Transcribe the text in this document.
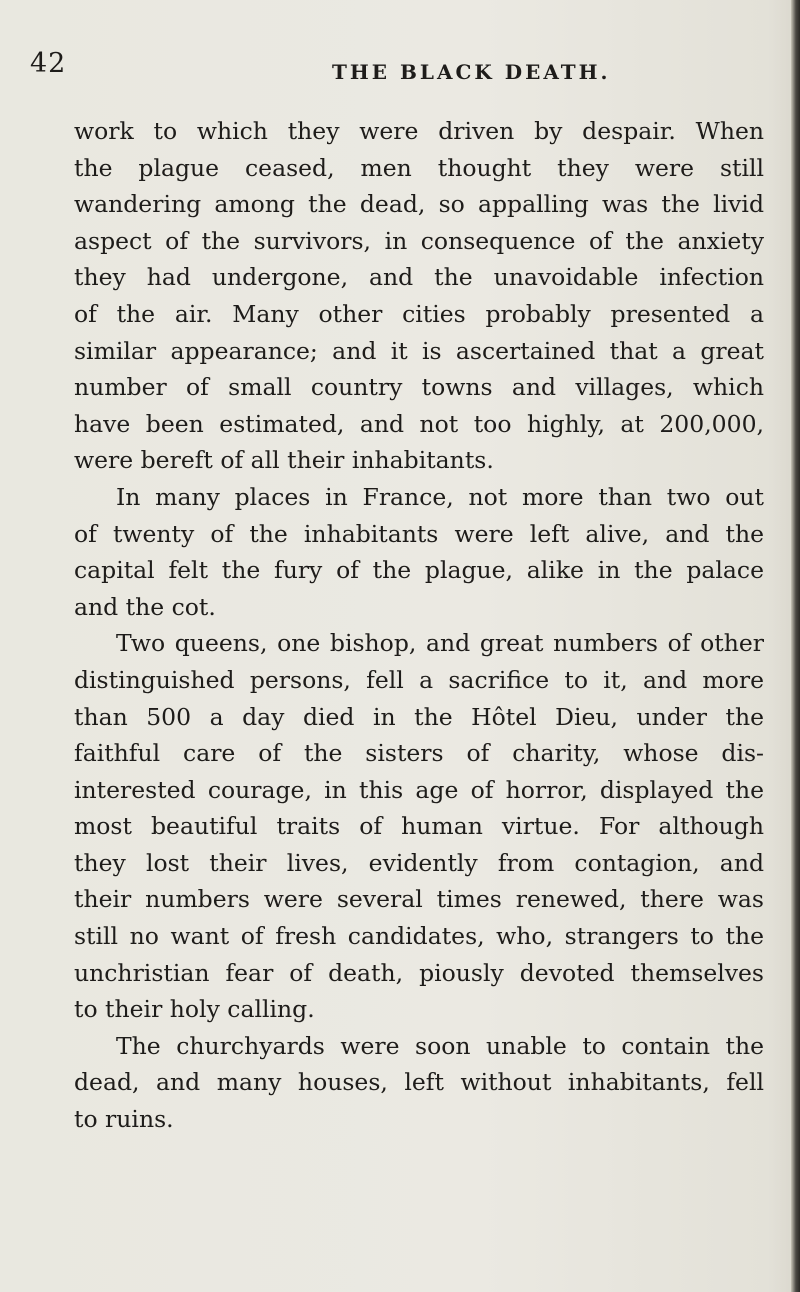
42	THE BLACK DEATH.

work to which they were driven by despair. When
the plague ceased, men thought they were still
wandering among the dead, so appalling was the livid
aspect of the survivors, in consequence of the anxiety
they had undergone, and the unavoidable infection
of the air. Many other cities probably presented a
similar appearance; and it is ascertained that a great
number of small country towns and villages, which
have been estimated, and not too highly, at 200,000,
were bereft of all their inhabitants.

In many places in France, not more than two out
of twenty of the inhabitants were left alive, and the
capital felt the fury of the plague, alike in the palace
and the cot.

Two queens, one bishop, and great numbers of other
distinguished persons, fell a sacrifice to it, and more
than 500 a day died in the Hôtel Dieu, under the
faithful care of the sisters of charity, whose dis-
interested courage, in this age of horror, displayed the
most beautiful traits of human virtue. For although
they lost their lives, evidently from contagion, and
their numbers were several times renewed, there was
still no want of fresh candidates, who, strangers to the
unchristian fear of death, piously devoted themselves
to their holy calling.

The churchyards were soon unable to contain the
dead, and many houses, left without inhabitants, fell
to ruins.
